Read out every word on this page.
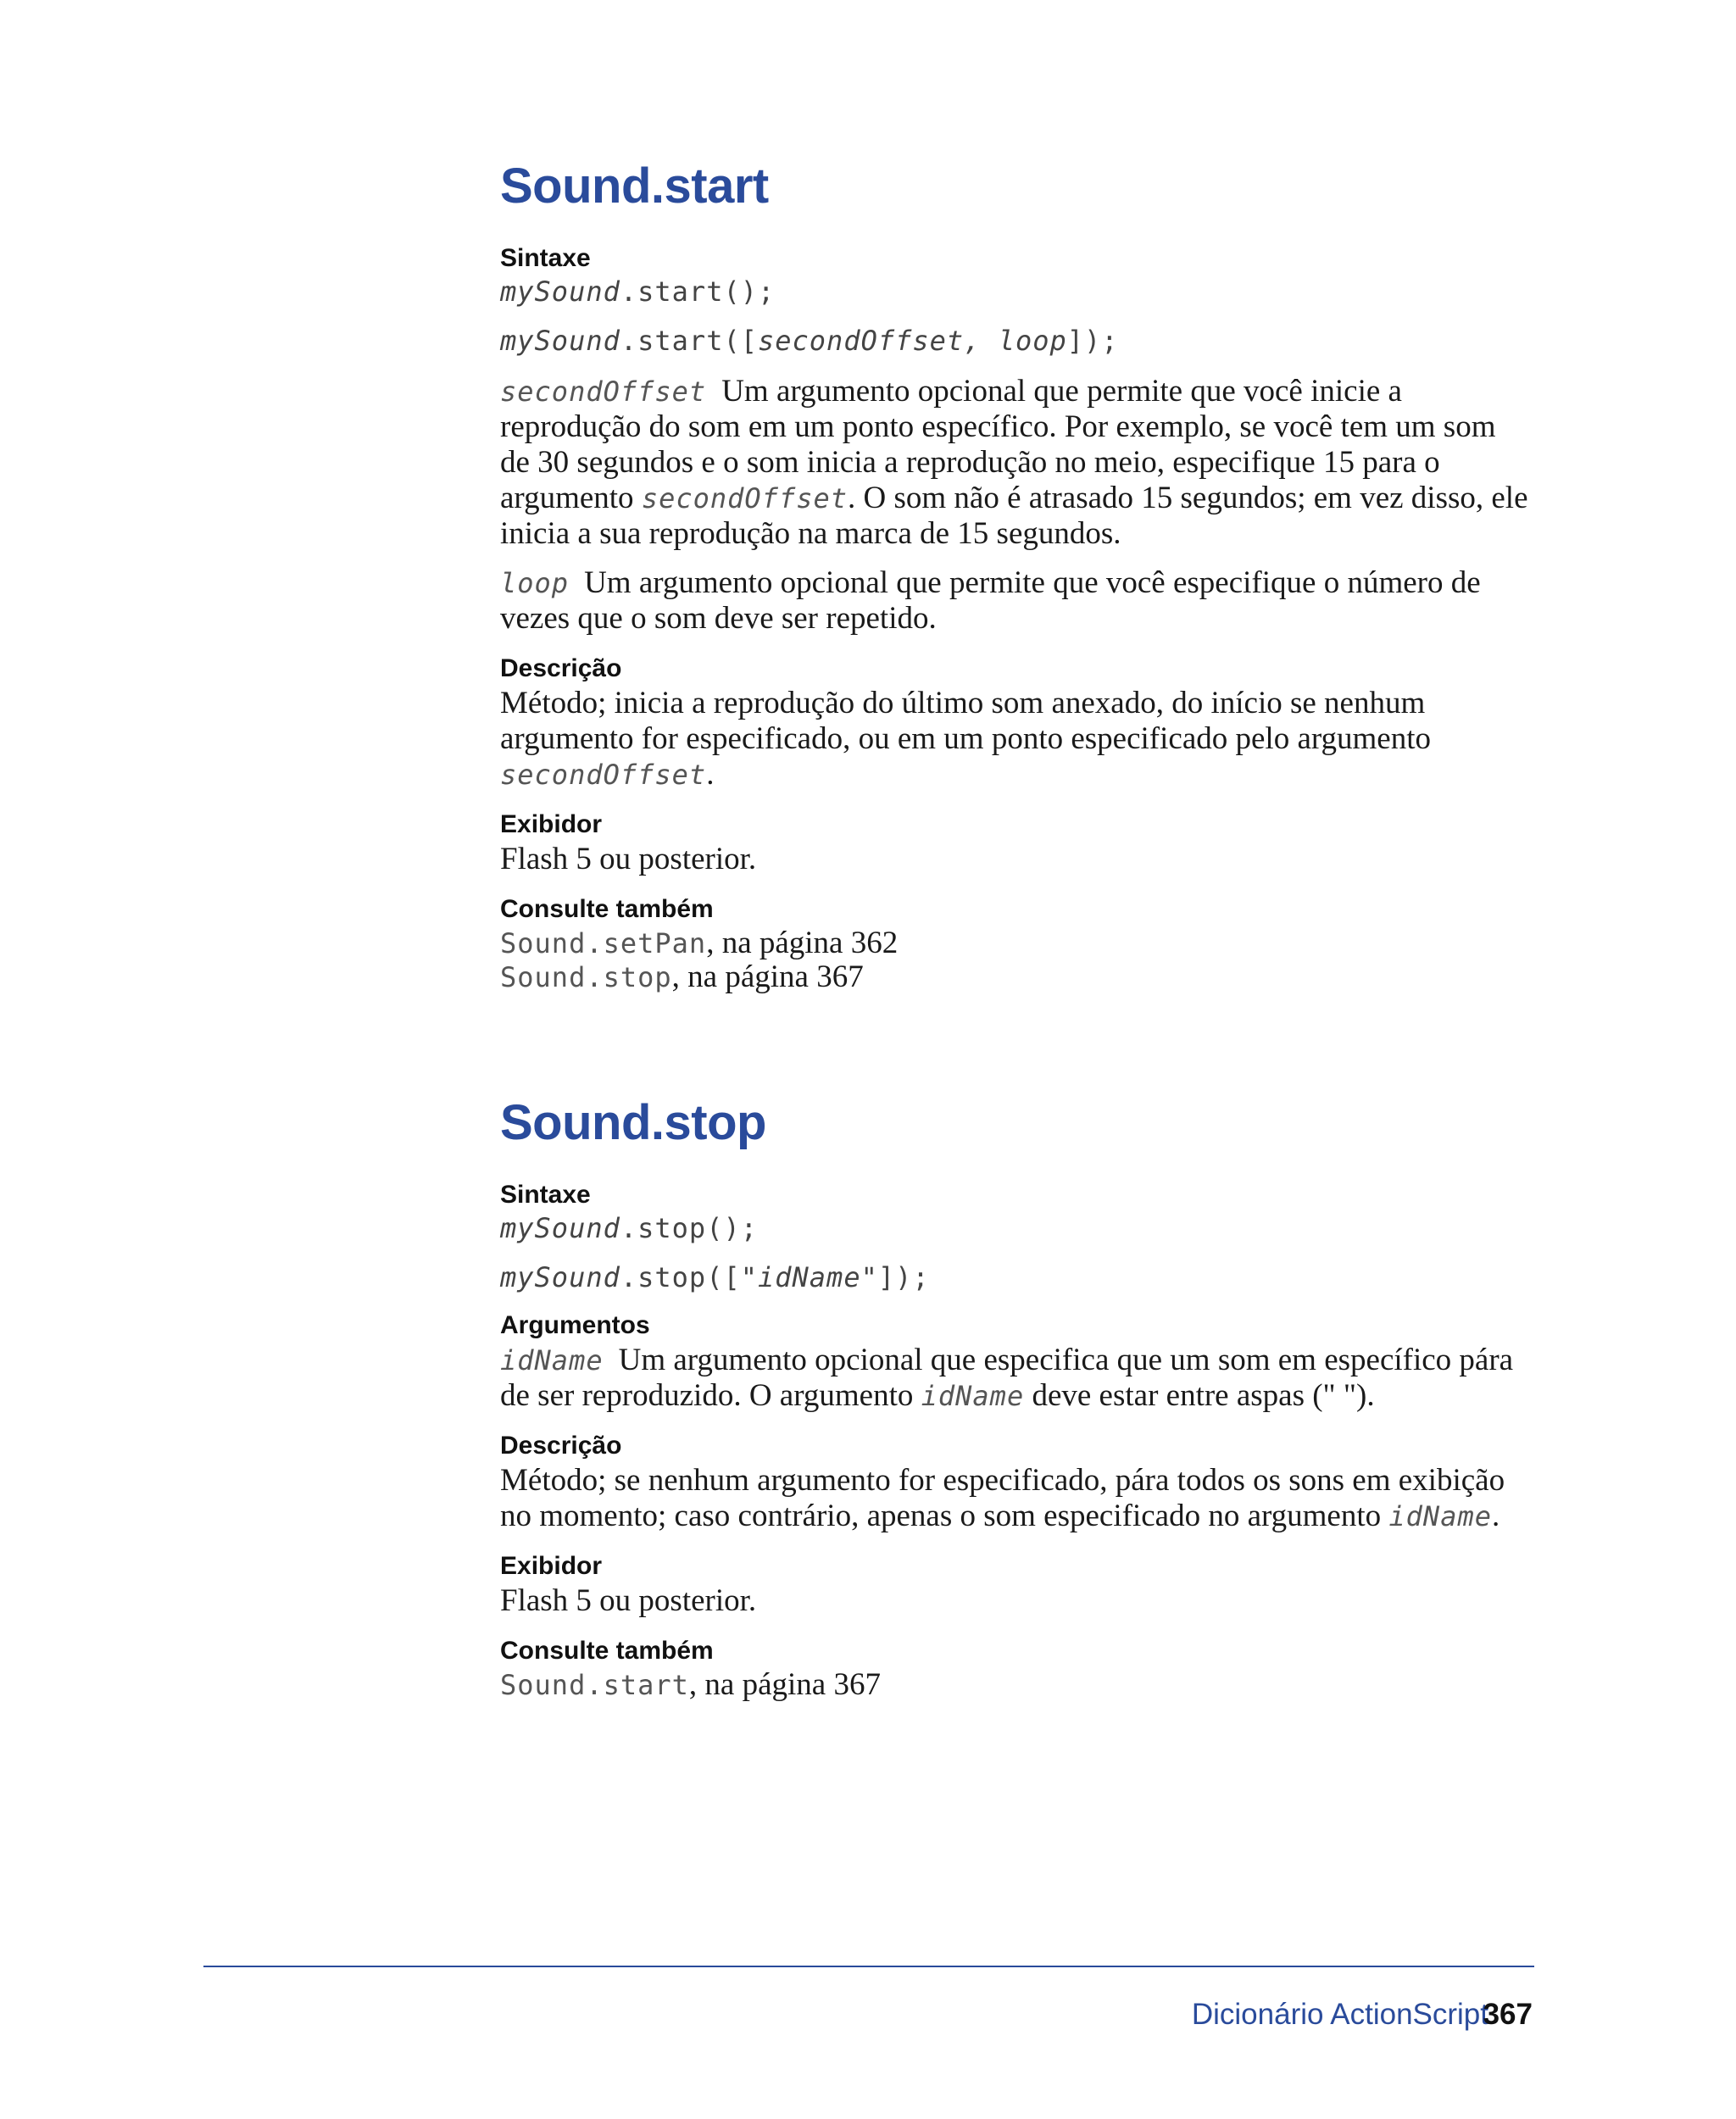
Sound.start
Sintaxe

mySound.start();

mySound.start([secondOffset, loop]);

secondOffset Um argumento opcional que permite que você inicie a reprodução do som em um ponto específico. Por exemplo, se você tem um som de 30 segundos e o som inicia a reprodução no meio, especifique 15 para o argumento secondOffset. O som não é atrasado 15 segundos; em vez disso, ele inicia a sua reprodução na marca de 15 segundos.

loop Um argumento opcional que permite que você especifique o número de vezes que o som deve ser repetido.

Descrição

Método; inicia a reprodução do último som anexado, do início se nenhum argumento for especificado, ou em um ponto especificado pelo argumento secondOffset.

Exibidor

Flash 5 ou posterior.

Consulte também

Sound.setPan, na página 362

Sound.stop, na página 367

Sound.stop
Sintaxe

mySound.stop();

mySound.stop(["idName"]);

Argumentos

idName Um argumento opcional que especifica que um som em específico pára de ser reproduzido. O argumento idName deve estar entre aspas (" ").

Descrição

Método; se nenhum argumento for especificado, pára todos os sons em exibição no momento; caso contrário, apenas o som especificado no argumento idName.

Exibidor

Flash 5 ou posterior.

Consulte também

Sound.start, na página 367

Dicionário ActionScript
367
